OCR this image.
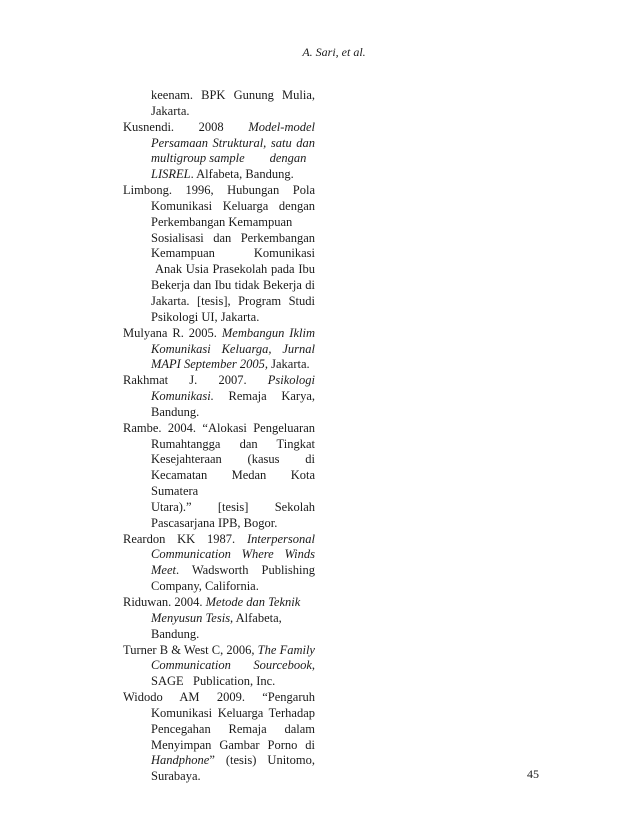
A. Sari, et al.
keenam. BPK Gunung Mulia,
Jakarta.
Kusnendi. 2008 Model-model
Persamaan Struktural, satu dan
multigroup sample        dengan
LISREL. Alfabeta, Bandung.
Limbong. 1996, Hubungan Pola
Komunikasi Keluarga dengan
Perkembangan Kemampuan
Sosialisasi dan Perkembangan
Kemampuan Komunikasi
Anak Usia Prasekolah pada Ibu
Bekerja dan Ibu tidak Bekerja di
Jakarta. [tesis], Program Studi
Psikologi UI, Jakarta.
Mulyana R. 2005. Membangun Iklim
Komunikasi Keluarga, Jurnal
MAPI September 2005, Jakarta.
Rakhmat J. 2007. Psikologi
Komunikasi. Remaja Karya,
Bandung.
Rambe. 2004. “Alokasi Pengeluaran
Rumahtangga dan Tingkat
Kesejahteraan (kasus di
Kecamatan Medan Kota Sumatera
Utara).” [tesis] Sekolah
Pascasarjana IPB, Bogor.
Reardon KK 1987. Interpersonal
Communication Where Winds
Meet. Wadsworth Publishing
Company, California.
Riduwan. 2004. Metode dan Teknik
Menyusun Tesis, Alfabeta,
Bandung.
Turner B & West C, 2006, The Family
Communication Sourcebook,
SAGE   Publication, Inc.
Widodo AM 2009. “Pengaruh
Komunikasi Keluarga Terhadap
Pencegahan Remaja dalam
Menyimpan Gambar Porno di
Handphone” (tesis) Unitomo,
Surabaya.	45
